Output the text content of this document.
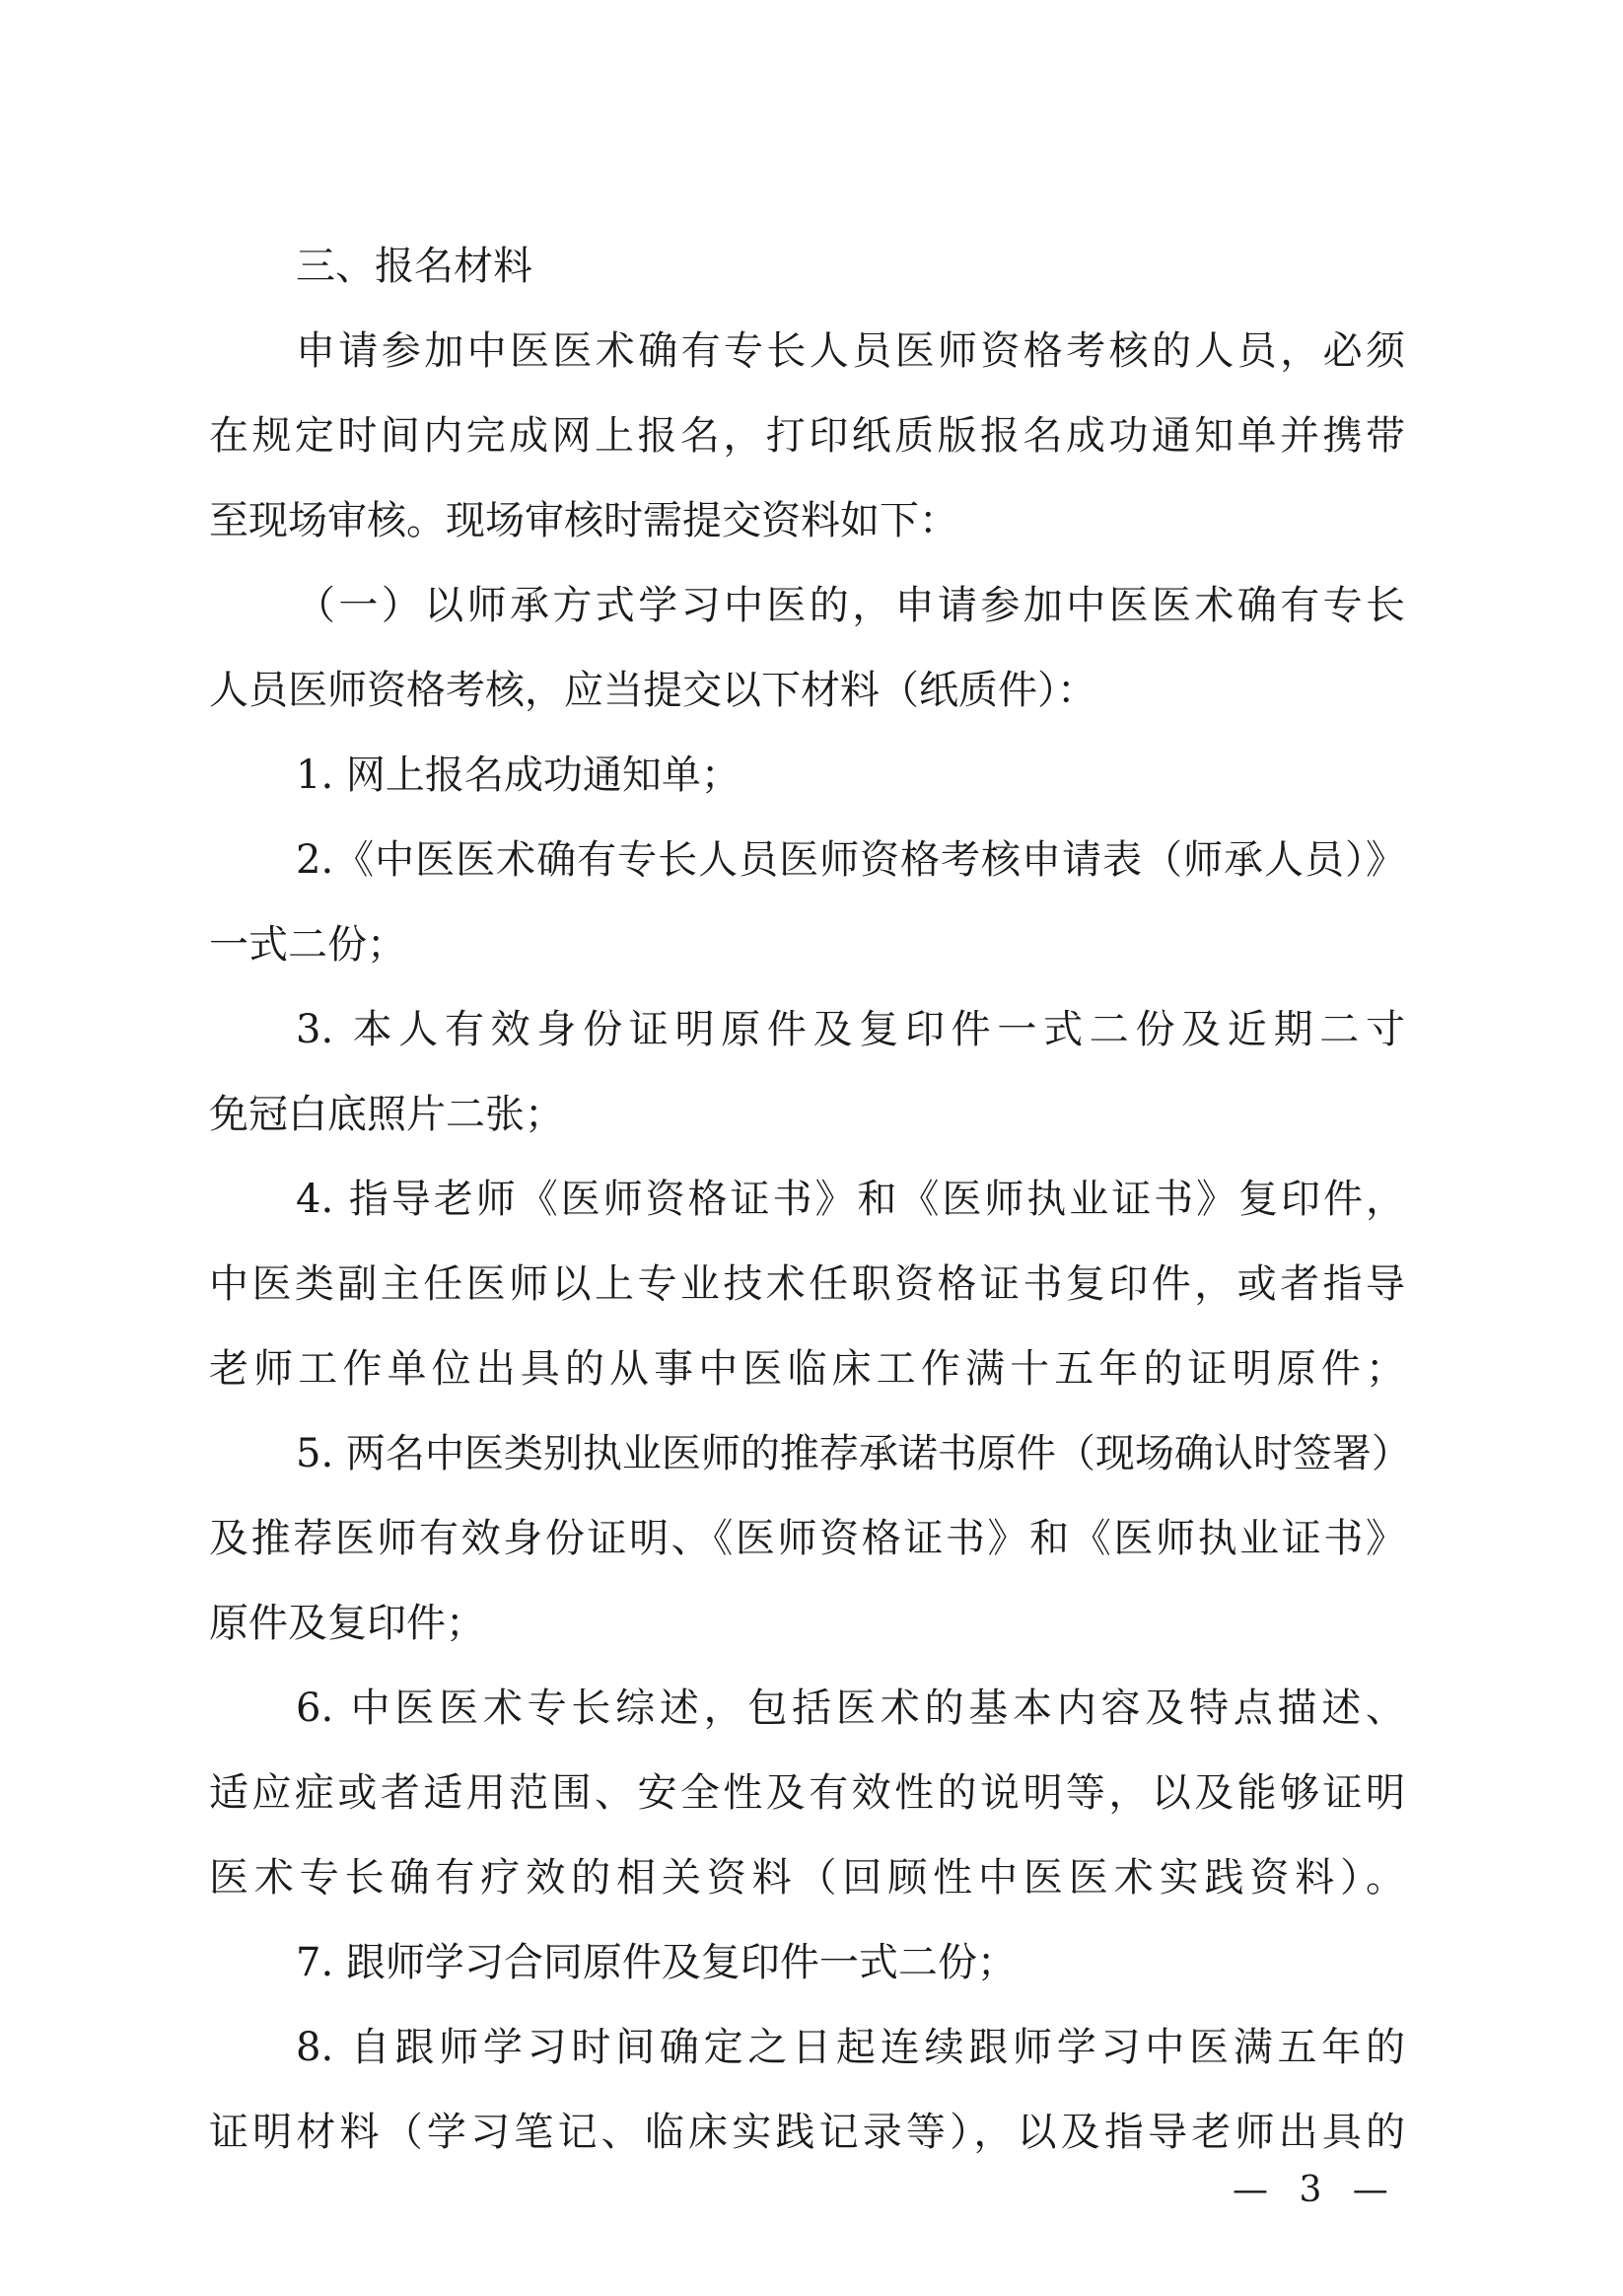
三、报名材料
申请参加中医医术确有专长人员医师资格考核的人员，必须
在规定时间内完成网上报名，打印纸质版报名成功通知单并携带
至现场审核。现场审核时需提交资料如下：
（一）以师承方式学习中医的，申请参加中医医术确有专长
人员医师资格考核，应当提交以下材料（纸质件）：
1. 网上报名成功通知单；
2.《中医医术确有专长人员医师资格考核申请表（师承人员）》
一式二份；
3. 本人有效身份证明原件及复印件一式二份及近期二寸
免冠白底照片二张；
4. 指导老师《医师资格证书》和《医师执业证书》复印件，
中医类副主任医师以上专业技术任职资格证书复印件，或者指导
老师工作单位出具的从事中医临床工作满十五年的证明原件；
5. 两名中医类别执业医师的推荐承诺书原件（现场确认时签署）
及推荐医师有效身份证明、《医师资格证书》和《医师执业证书》
原件及复印件；
6. 中医医术专长综述，包括医术的基本内容及特点描述、
适应症或者适用范围、安全性及有效性的说明等，以及能够证明
医术专长确有疗效的相关资料（回顾性中医医术实践资料）。
7. 跟师学习合同原件及复印件一式二份；
8. 自跟师学习时间确定之日起连续跟师学习中医满五年的
证明材料（学习笔记、临床实践记录等），以及指导老师出具的
— 3 —
